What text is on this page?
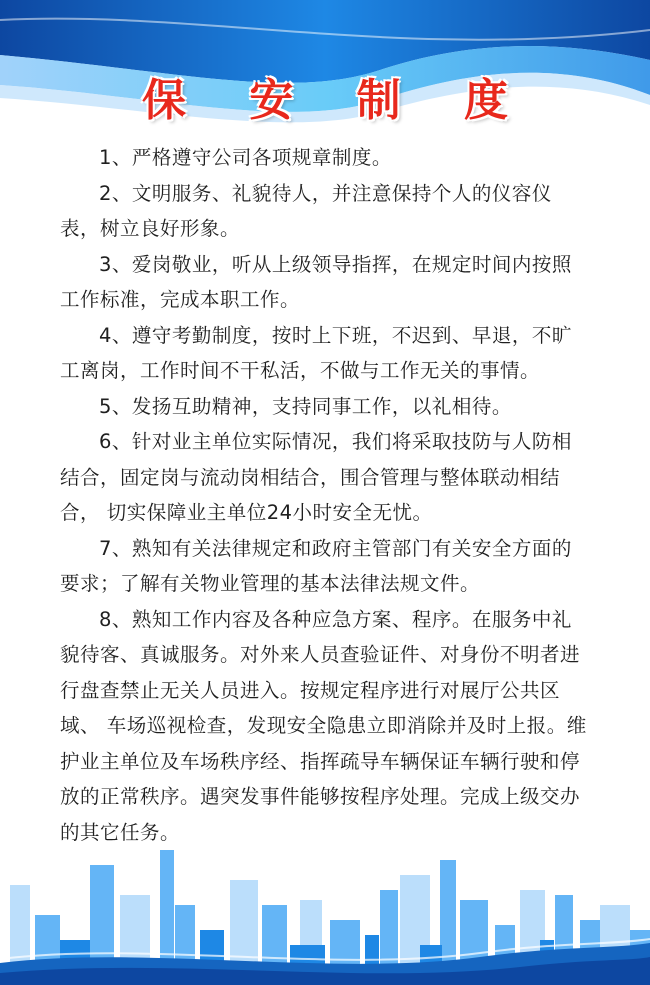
保 安 制 度

1、严格遵守公司各项规章制度。

2、文明服务、礼貌待人，并注意保持个人的仪容仪表，树立良好形象。

3、爱岗敬业，听从上级领导指挥，在规定时间内按照工作标准，完成本职工作。

4、遵守考勤制度，按时上下班，不迟到、早退，不旷工离岗，工作时间不干私活，不做与工作无关的事情。

5、发扬互助精神，支持同事工作，以礼相待。

6、针对业主单位实际情况，我们将采取技防与人防相结合，固定岗与流动岗相结合，围合管理与整体联动相结合， 切实保障业主单位24小时安全无忧。

7、熟知有关法律规定和政府主管部门有关安全方面的要求；了解有关物业管理的基本法律法规文件。

8、熟知工作内容及各种应急方案、程序。在服务中礼貌待客、真诚服务。对外来人员查验证件、对身份不明者进行盘查禁止无关人员进入。按规定程序进行对展厅公共区域、 车场巡视检查，发现安全隐患立即消除并及时上报。维护业主单位及车场秩序经、指挥疏导车辆保证车辆行驶和停放的正常秩序。遇突发事件能够按程序处理。完成上级交办的其它任务。
